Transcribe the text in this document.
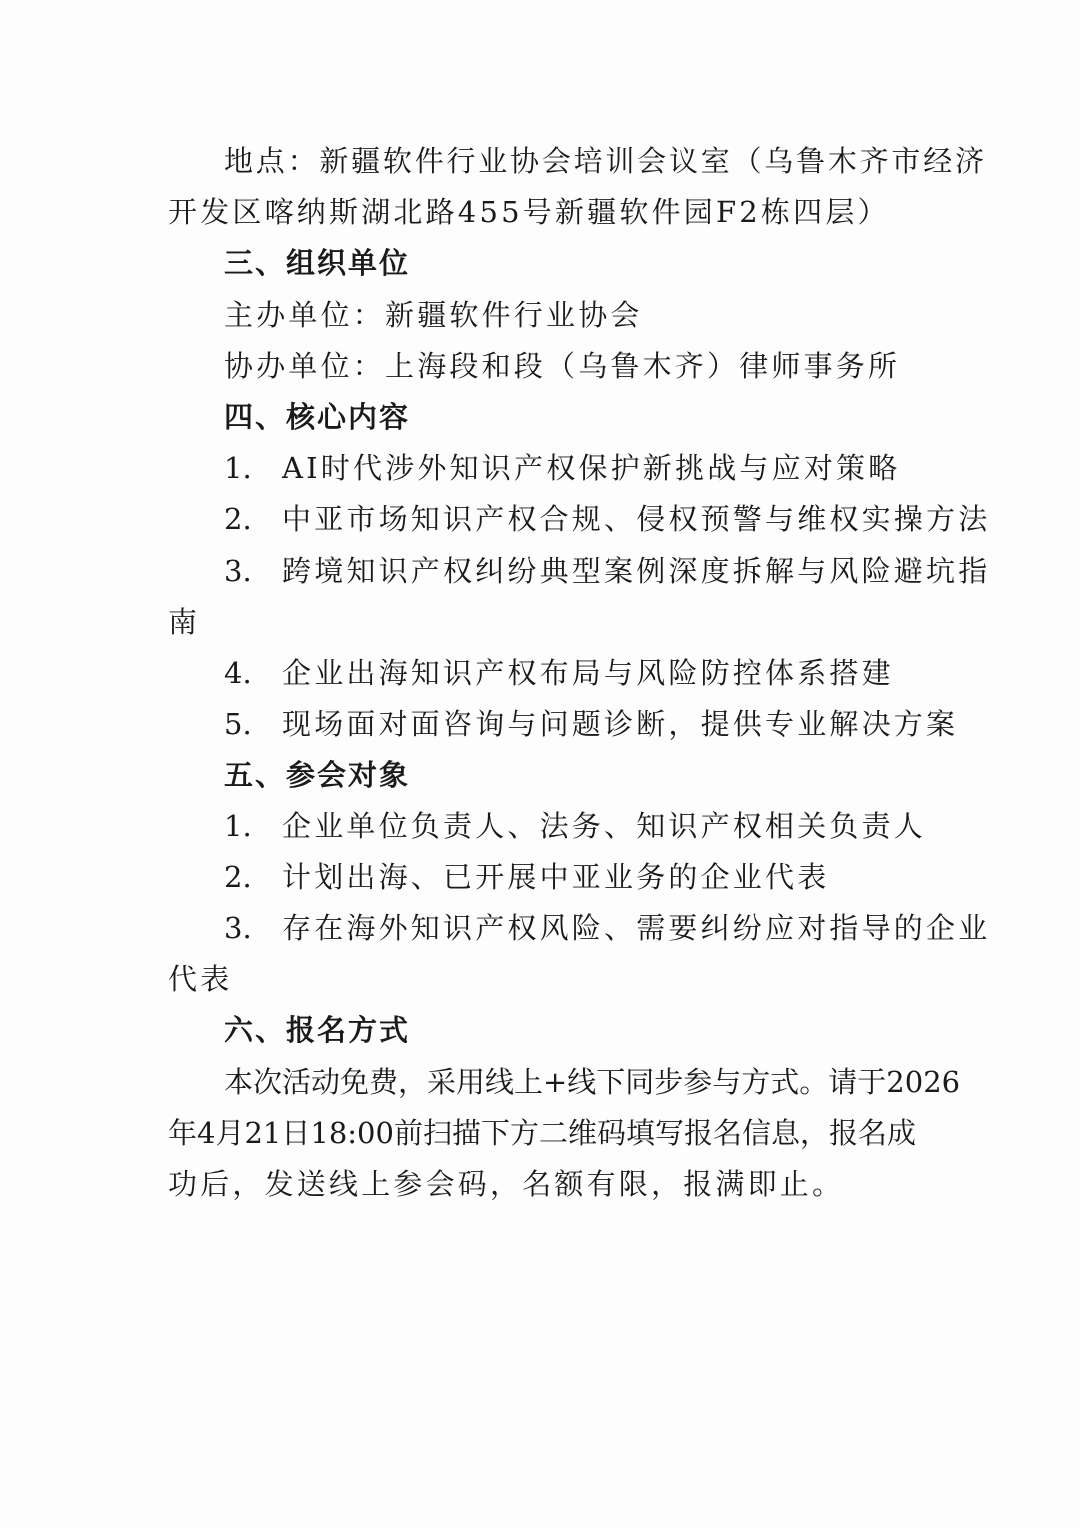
地点：新疆软件行业协会培训会议室（乌鲁木齐市经济
开发区喀纳斯湖北路455号新疆软件园F2栋四层）
三、组织单位
主办单位：新疆软件行业协会
协办单位：上海段和段（乌鲁木齐）律师事务所
四、核心内容
1. AI时代涉外知识产权保护新挑战与应对策略
2. 中亚市场知识产权合规、侵权预警与维权实操方法
3. 跨境知识产权纠纷典型案例深度拆解与风险避坑指
南
4. 企业出海知识产权布局与风险防控体系搭建
5. 现场面对面咨询与问题诊断，提供专业解决方案
五、参会对象
1. 企业单位负责人、法务、知识产权相关负责人
2. 计划出海、已开展中亚业务的企业代表
3. 存在海外知识产权风险、需要纠纷应对指导的企业
代表
六、报名方式
本次活动免费，采用线上+线下同步参与方式。请于2026
年4月21日18:00前扫描下方二维码填写报名信息，报名成
功后，发送线上参会码，名额有限，报满即止。
